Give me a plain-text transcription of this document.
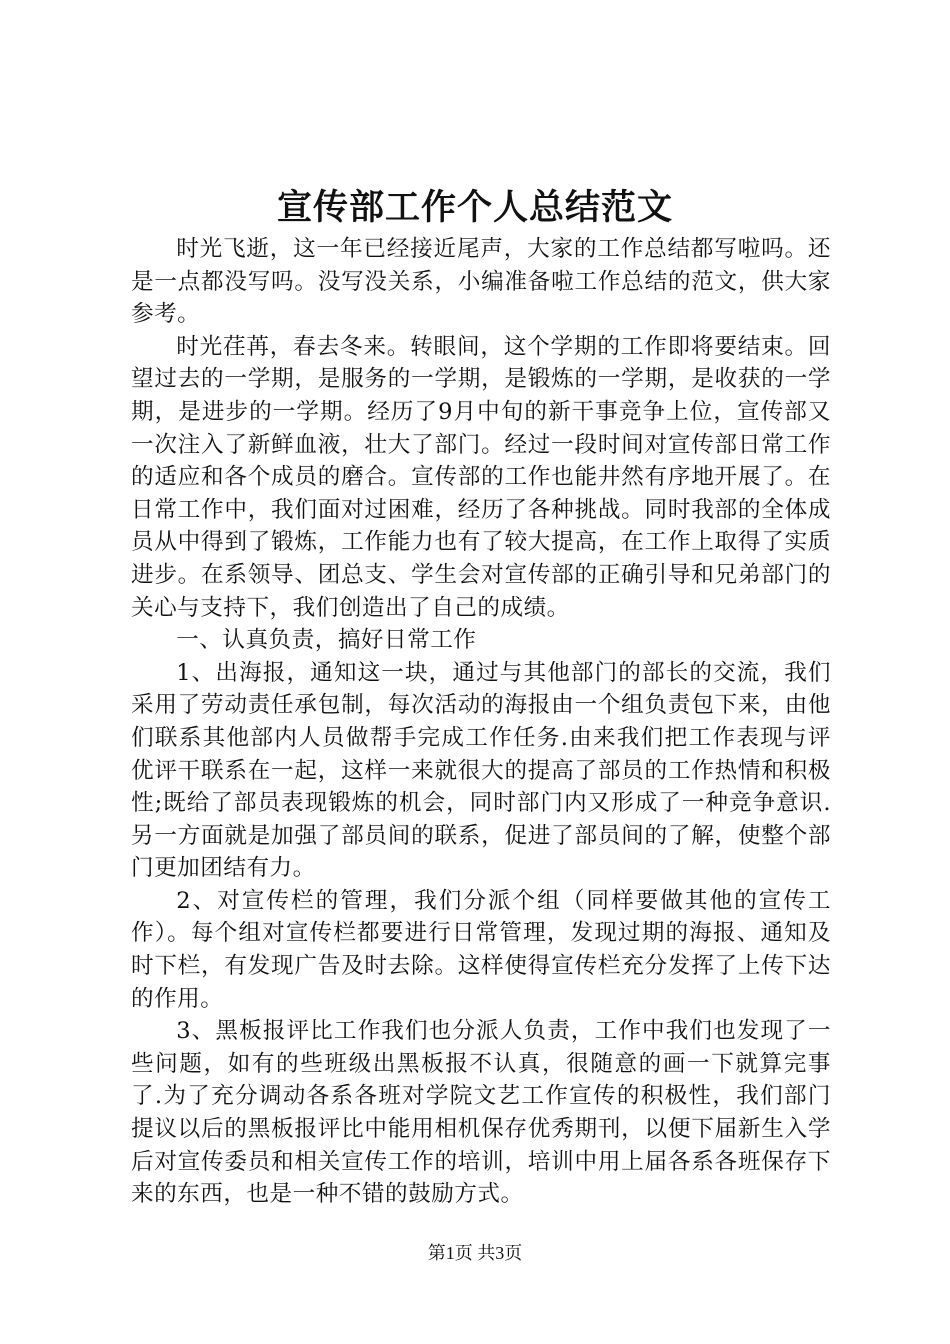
宣传部工作个人总结范文

时光飞逝，这一年已经接近尾声，大家的工作总结都写啦吗。还是一点都没写吗。没写没关系，小编准备啦工作总结的范文，供大家参考。

时光荏苒，春去冬来。转眼间，这个学期的工作即将要结束。回望过去的一学期，是服务的一学期，是锻炼的一学期，是收获的一学期，是进步的一学期。经历了9月中旬的新干事竞争上位，宣传部又一次注入了新鲜血液，壮大了部门。经过一段时间对宣传部日常工作的适应和各个成员的磨合。宣传部的工作也能井然有序地开展了。在日常工作中，我们面对过困难，经历了各种挑战。同时我部的全体成员从中得到了锻炼，工作能力也有了较大提高，在工作上取得了实质进步。在系领导、团总支、学生会对宣传部的正确引导和兄弟部门的关心与支持下，我们创造出了自己的成绩。

一、认真负责，搞好日常工作

1、出海报，通知这一块，通过与其他部门的部长的交流，我们采用了劳动责任承包制，每次活动的海报由一个组负责包下来，由他们联系其他部内人员做帮手完成工作任务.由来我们把工作表现与评优评干联系在一起，这样一来就很大的提高了部员的工作热情和积极性;既给了部员表现锻炼的机会，同时部门内又形成了一种竞争意识.另一方面就是加强了部员间的联系，促进了部员间的了解，使整个部门更加团结有力。

2、对宣传栏的管理，我们分派个组（同样要做其他的宣传工作）。每个组对宣传栏都要进行日常管理，发现过期的海报、通知及时下栏，有发现广告及时去除。这样使得宣传栏充分发挥了上传下达的作用。

3、黑板报评比工作我们也分派人负责，工作中我们也发现了一些问题，如有的些班级出黑板报不认真，很随意的画一下就算完事了.为了充分调动各系各班对学院文艺工作宣传的积极性，我们部门提议以后的黑板报评比中能用相机保存优秀期刊，以便下届新生入学后对宣传委员和相关宣传工作的培训，培训中用上届各系各班保存下来的东西，也是一种不错的鼓励方式。

第1页 共3页
